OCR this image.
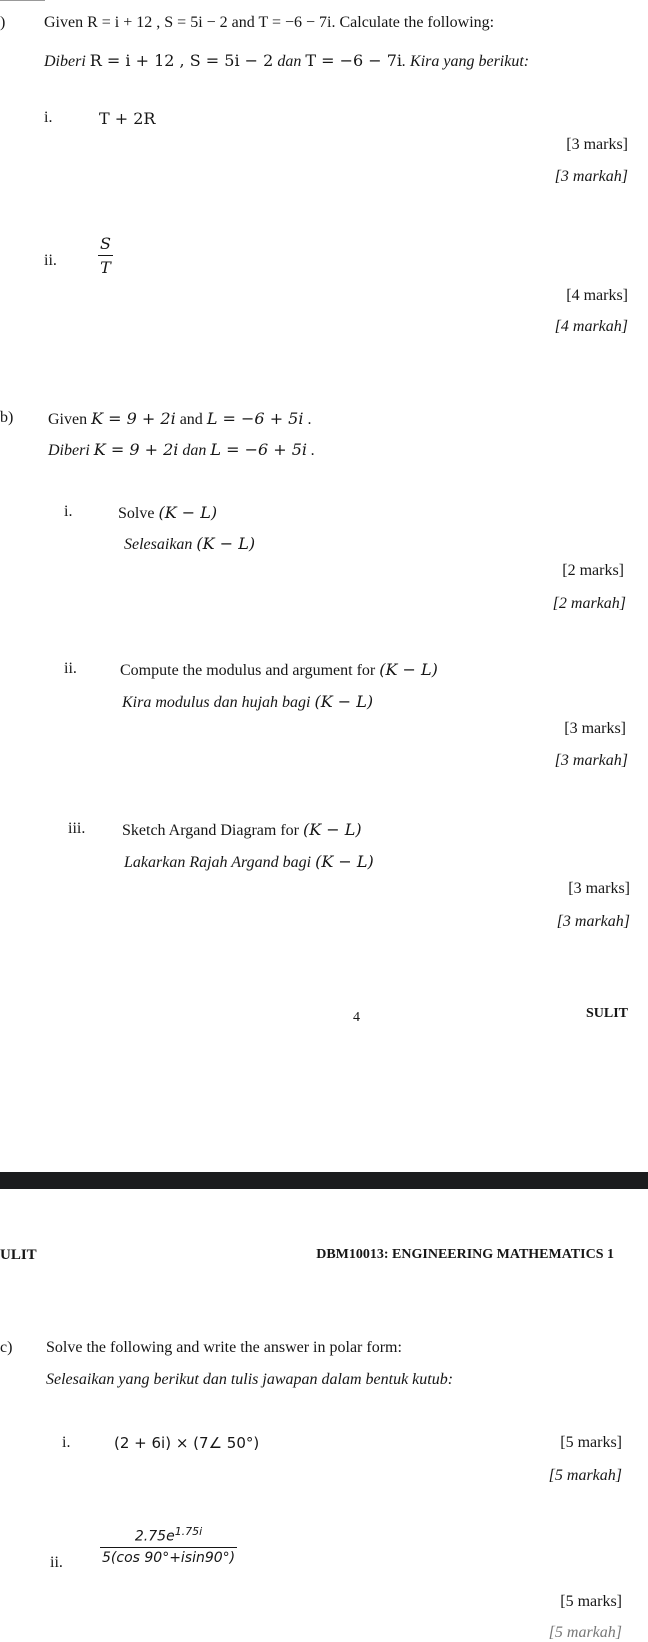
) Given R = i + 12 , S = 5i − 2 and T = −6 − 7i. Calculate the following:
Diberi R = i + 12 , S = 5i − 2 dan T = −6 − 7i. Kira yang berikut:
i.	T + 2R
[3 marks]
[3 markah]
ii.
S
T
[4 marks]
[4 markah]
b) Given K = 9 + 2i and L = −6 + 5i .
Diberi K = 9 + 2i dan L = −6 + 5i .
i.	Solve (K − L)
Selesaikan (K − L)
[2 marks]
[2 markah]
ii.	Compute the modulus and argument for (K − L)
Kira modulus dan hujah bagi (K − L)
[3 marks]
[3 markah]
iii. Sketch Argand Diagram for (K − L)
Lakarkan Rajah Argand bagi (K − L)
[3 marks]
[3 markah]
4	SULIT
ULIT	DBM10013: ENGINEERING MATHEMATICS 1
c) Solve the following and write the answer in polar form:
Selesaikan yang berikut dan tulis jawapan dalam bentuk kutub:
i.	(2 + 6i) × (7∠ 50°)	[5 marks]
[5 markah]
ii.
$2.75e^{1.75i}$
5(cos 90°+isin90°)
[5 marks]
[5 markah]
